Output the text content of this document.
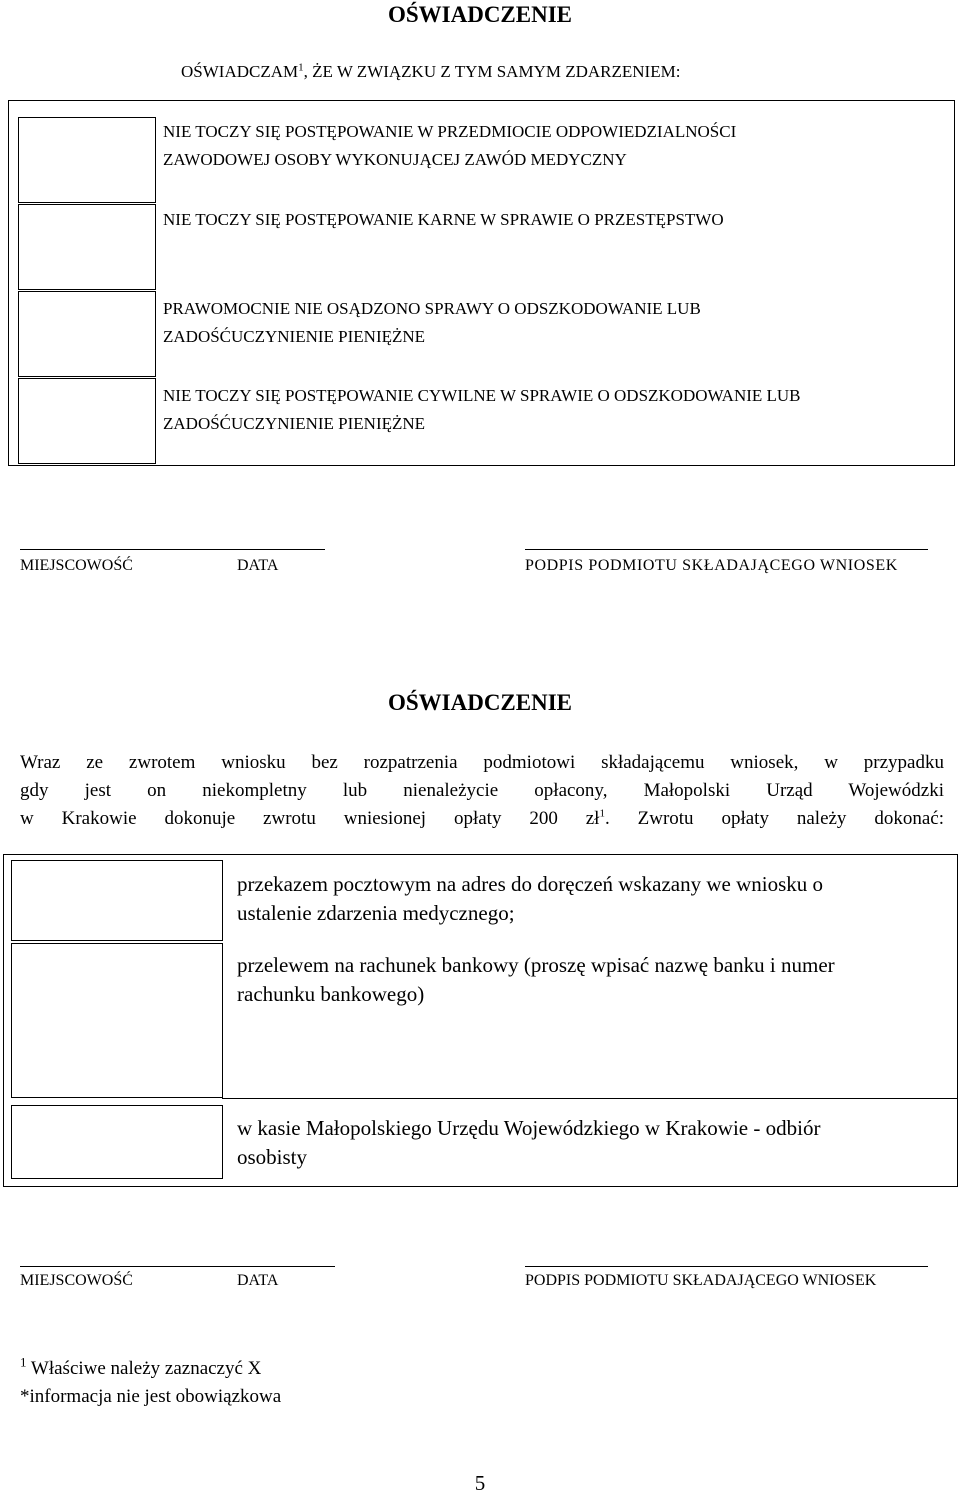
OŚWIADCZENIE
OŚWIADCZAM$^1$, ŻE W ZWIĄZKU Z TYM SAMYM ZDARZENIEM:
NIE TOCZY SIĘ POSTĘPOWANIE W PRZEDMIOCIE ODPOWIEDZIALNOŚCI
ZAWODOWEJ OSOBY WYKONUJĄCEJ ZAWÓD MEDYCZNY
NIE TOCZY SIĘ POSTĘPOWANIE KARNE W SPRAWIE O PRZESTĘPSTWO
PRAWOMOCNIE NIE OSĄDZONO SPRAWY O ODSZKODOWANIE LUB
ZADOŚĆUCZYNIENIE PIENIĘŻNE
NIE TOCZY SIĘ POSTĘPOWANIE CYWILNE W SPRAWIE O ODSZKODOWANIE LUB
ZADOŚĆUCZYNIENIE PIENIĘŻNE
MIEJSCOWOŚĆ	DATA	PODPIS PODMIOTU SKŁADAJĄCEGO WNIOSEK
OŚWIADCZENIE
Wraz ze zwrotem wniosku bez rozpatrzenia podmiotowi składającemu wniosek, w przypadku
gdy jest on niekompletny lub nienależycie opłacony, Małopolski Urząd Wojewódzki
w Krakowie dokonuje zwrotu wniesionej opłaty 200 $zł^1$. Zwrotu opłaty należy dokonać:
przekazem pocztowym na adres do doręczeń wskazany we wniosku o
ustalenie zdarzenia medycznego;
przelewem na rachunek bankowy (proszę wpisać nazwę banku i numer
rachunku bankowego)
w kasie Małopolskiego Urzędu Wojewódzkiego w Krakowie - odbiór
osobisty
MIEJSCOWOŚĆ	DATA	PODPIS PODMIOTU SKŁADAJĄCEGO WNIOSEK
$^1$ Właściwe należy zaznaczyć X
*informacja nie jest obowiązkowa
5
